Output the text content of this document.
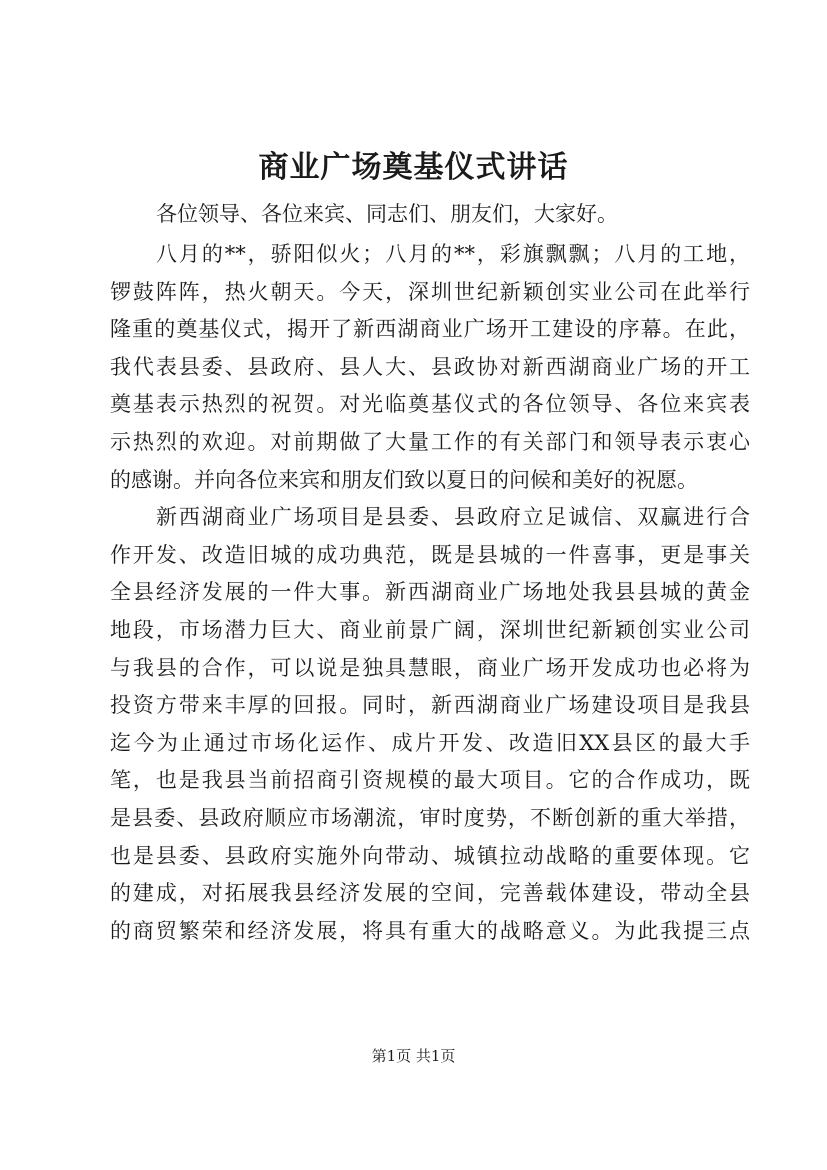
商业广场奠基仪式讲话

各位领导、各位来宾、同志们、朋友们，大家好。

八月的**，骄阳似火；八月的**，彩旗飘飘；八月的工地，
锣鼓阵阵，热火朝天。今天，深圳世纪新颖创实业公司在此举行
隆重的奠基仪式，揭开了新西湖商业广场开工建设的序幕。在此，
我代表县委、县政府、县人大、县政协对新西湖商业广场的开工
奠基表示热烈的祝贺。对光临奠基仪式的各位领导、各位来宾表
示热烈的欢迎。对前期做了大量工作的有关部门和领导表示衷心
的感谢。并向各位来宾和朋友们致以夏日的问候和美好的祝愿。
新西湖商业广场项目是县委、县政府立足诚信、双赢进行合
作开发、改造旧城的成功典范，既是县城的一件喜事，更是事关
全县经济发展的一件大事。新西湖商业广场地处我县县城的黄金
地段，市场潜力巨大、商业前景广阔，深圳世纪新颖创实业公司
与我县的合作，可以说是独具慧眼，商业广场开发成功也必将为
投资方带来丰厚的回报。同时，新西湖商业广场建设项目是我县
迄今为止通过市场化运作、成片开发、改造旧XX县区的最大手
笔，也是我县当前招商引资规模的最大项目。它的合作成功，既
是县委、县政府顺应市场潮流，审时度势，不断创新的重大举措，
也是县委、县政府实施外向带动、城镇拉动战略的重要体现。它
的建成，对拓展我县经济发展的空间，完善载体建设，带动全县
的商贸繁荣和经济发展，将具有重大的战略意义。为此我提三点

第1页 共1页
